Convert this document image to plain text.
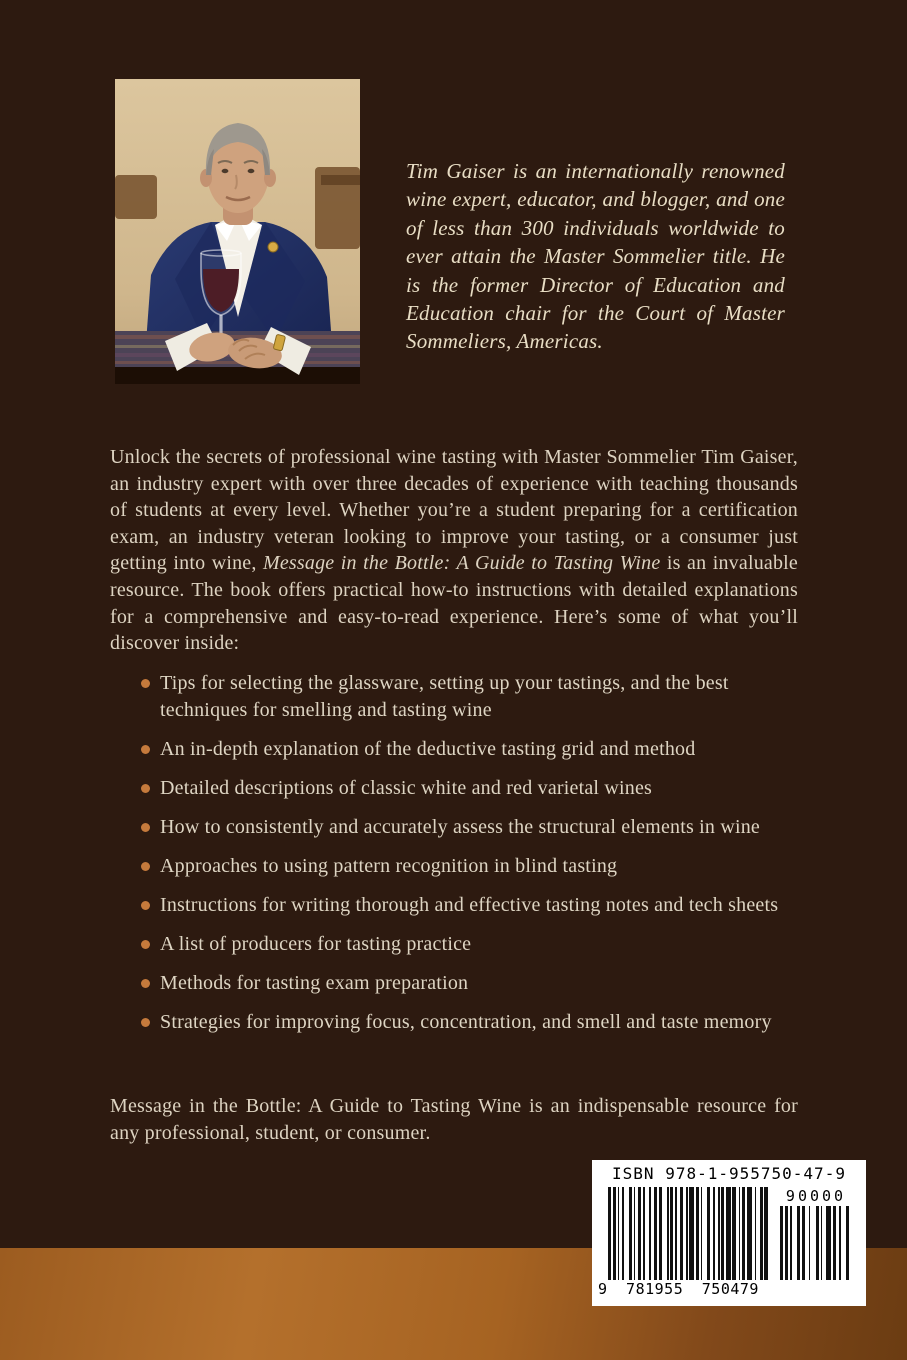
Tim Gaiser is an internationally renowned wine expert, educator, and blogger, and one of less than 300 individuals worldwide to ever attain the Master Sommelier title. He is the former Director of Education and Education chair for the Court of Master Sommeliers, Americas.

Unlock the secrets of professional wine tasting with Master Sommelier Tim Gaiser, an industry expert with over three decades of experience with teaching thousands of students at every level. Whether you’re a student preparing for a certification exam, an industry veteran looking to improve your tasting, or a consumer just getting into wine, Message in the Bottle: A Guide to Tasting Wine is an invaluable resource. The book offers practical how-to instructions with detailed explanations for a comprehensive and easy-to-read experience. Here’s some of what you’ll discover inside:

Tips for selecting the glassware, setting up your tastings, and the best techniques for smelling and tasting wine
An in-depth explanation of the deductive tasting grid and method
Detailed descriptions of classic white and red varietal wines
How to consistently and accurately assess the structural elements in wine
Approaches to using pattern recognition in blind tasting
Instructions for writing thorough and effective tasting notes and tech sheets
A list of producers for tasting practice
Methods for tasting exam preparation
Strategies for improving focus, concentration, and smell and taste memory

Message in the Bottle: A Guide to Tasting Wine is an indispensable resource for any professional, student, or consumer.

ISBN 978-1-955750-47-9
90000
9 781955 750479
